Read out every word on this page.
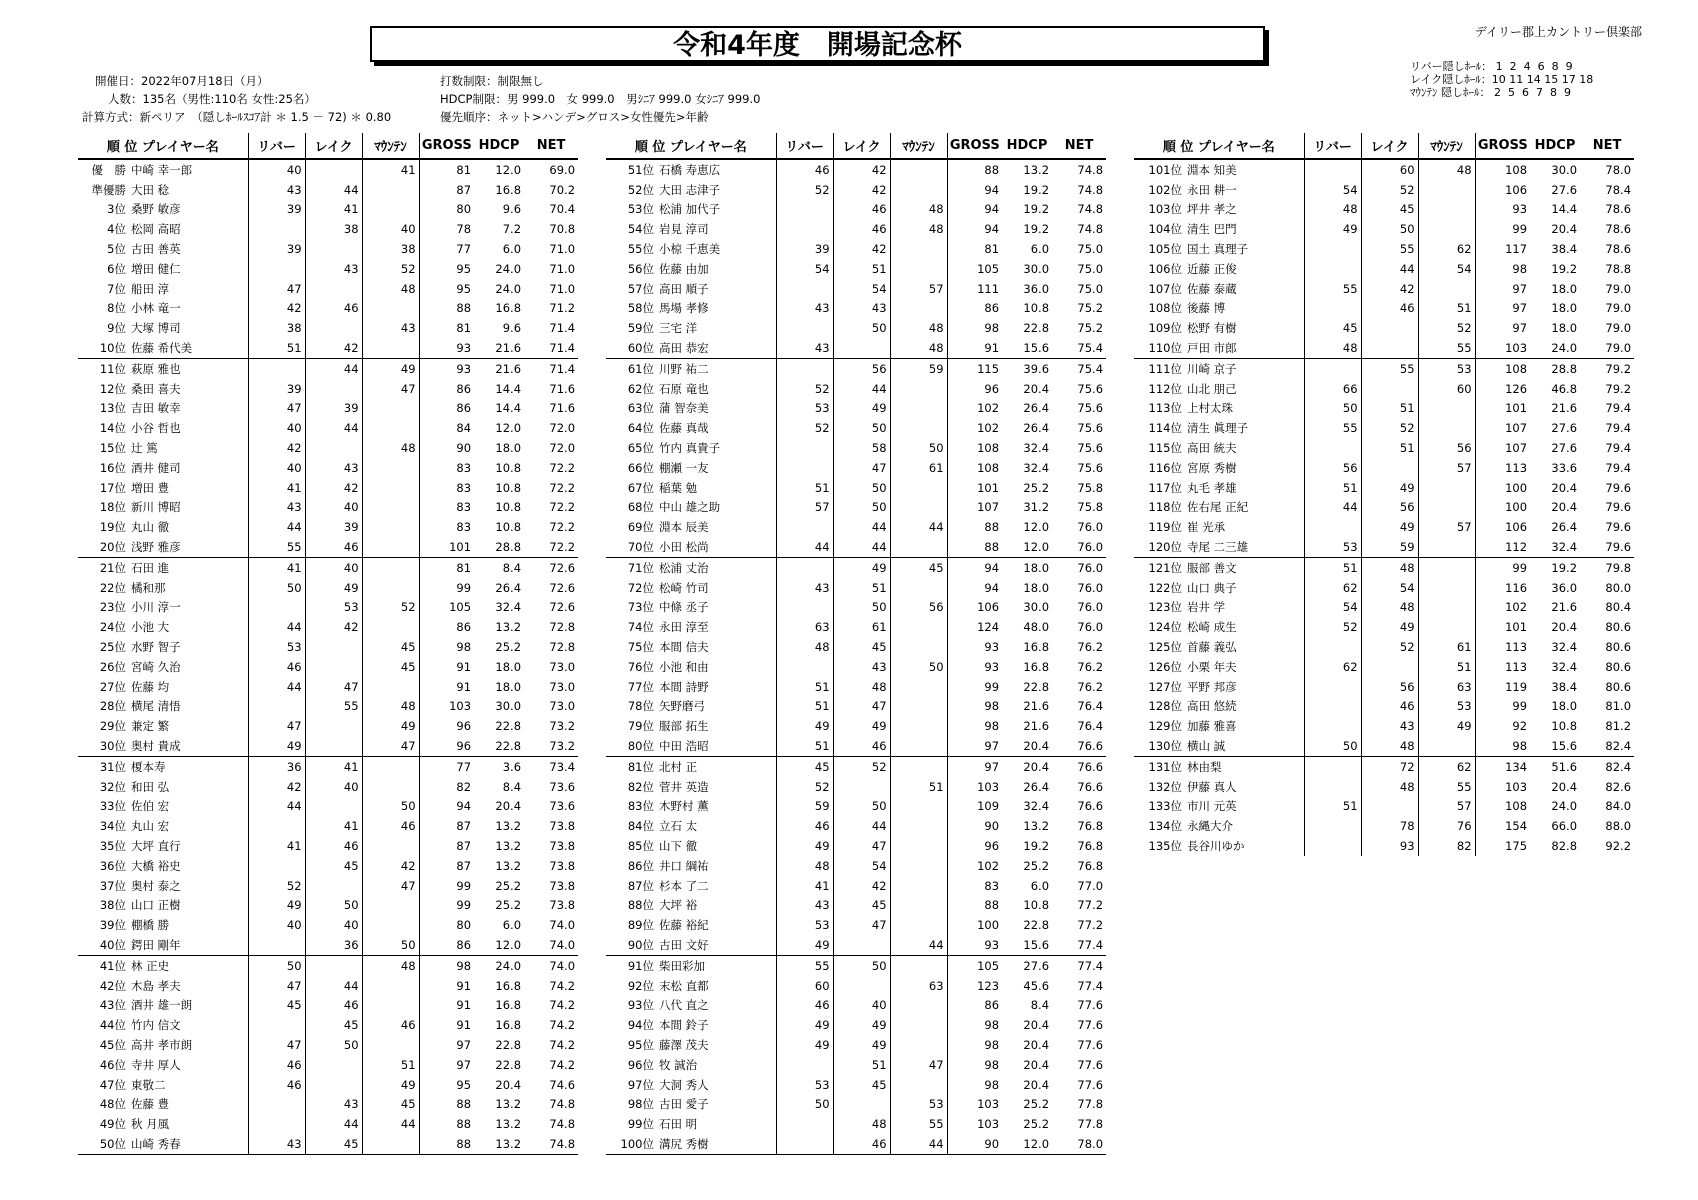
令和4年度　開場記念杯	デイリー郡上カントリー倶楽部
リバー隠しﾎｰﾙ： 1  2  4  6  8  9
レイク隠しﾎｰﾙ：10 11 14 15 17 18
ﾏｳﾝﾃﾝ 隠しﾎｰﾙ： 2  5  6  7  8  9
開催日：2022年07月18日（月）
人数：135名（男性:110名 女性:25名）
計算方式：新ペリア　（隠しﾎｰﾙｽｺｱ計 ＊ 1.5 － 72) ＊ 0.80
打数制限：制限無し
HDCP制限：男 999.0　女 999.0　男ｼﾆｱ 999.0 女ｼﾆｱ 999.0
優先順序：ネット>ハンデ>グロス>女性優先>年齢
順 位 プレイヤー名		リバー	レイク	ﾏｳﾝﾃﾝ	GROSS	HDCP	NET
優　勝	中崎 幸一郎	40		41	81	12.0	69.0
準優勝	大田 稔	43	44		87	16.8	70.2
3位	桑野 敏彦	39	41		80	9.6	70.4
4位	松岡 高昭		38	40	78	7.2	70.8
5位	古田 善英	39		38	77	6.0	71.0
6位	増田 健仁		43	52	95	24.0	71.0
7位	船田 淳	47		48	95	24.0	71.0
8位	小林 竜一	42	46		88	16.8	71.2
9位	大塚 博司	38		43	81	9.6	71.4
10位	佐藤 希代美	51	42		93	21.6	71.4
11位	萩原 雅也		44	49	93	21.6	71.4
12位	桑田 喜夫	39		47	86	14.4	71.6
13位	吉田 敏幸	47	39		86	14.4	71.6
14位	小谷 哲也	40	44		84	12.0	72.0
15位	辻 篤	42		48	90	18.0	72.0
16位	酒井 健司	40	43		83	10.8	72.2
17位	増田 豊	41	42		83	10.8	72.2
18位	新川 博昭	43	40		83	10.8	72.2
19位	丸山 徹	44	39		83	10.8	72.2
20位	浅野 雅彦	55	46		101	28.8	72.2
21位	石田 進	41	40		81	8.4	72.6
22位	橘和那	50	49		99	26.4	72.6
23位	小川 淳一		53	52	105	32.4	72.6
24位	小池 大	44	42		86	13.2	72.8
25位	水野 智子	53		45	98	25.2	72.8
26位	宮崎 久治	46		45	91	18.0	73.0
27位	佐藤 均	44	47		91	18.0	73.0
28位	横尾 清悟		55	48	103	30.0	73.0
29位	兼定 繁	47		49	96	22.8	73.2
30位	奥村 貴成	49		47	96	22.8	73.2
31位	榎本寿	36	41		77	3.6	73.4
32位	和田 弘	42	40		82	8.4	73.6
33位	佐伯 宏	44		50	94	20.4	73.6
34位	丸山 宏		41	46	87	13.2	73.8
35位	大坪 直行	41	46		87	13.2	73.8
36位	大橋 裕史		45	42	87	13.2	73.8
37位	奥村 泰之	52		47	99	25.2	73.8
38位	山口 正樹	49	50		99	25.2	73.8
39位	棚橋 勝	40	40		80	6.0	74.0
40位	鍔田 剛年		36	50	86	12.0	74.0
41位	林 正史	50		48	98	24.0	74.0
42位	木島 孝夫	47	44		91	16.8	74.2
43位	酒井 雄一朗	45	46		91	16.8	74.2
44位	竹内 信文		45	46	91	16.8	74.2
45位	高井 孝市朗	47	50		97	22.8	74.2
46位	寺井 厚人	46		51	97	22.8	74.2
47位	東敬二	46		49	95	20.4	74.6
48位	佐藤 豊		43	45	88	13.2	74.8
49位	秋 月風		44	44	88	13.2	74.8
50位	山崎 秀春	43	45		88	13.2	74.8
順 位 プレイヤー名		リバー	レイク	ﾏｳﾝﾃﾝ	GROSS	HDCP	NET
51位	石橋 寿恵広	46	42		88	13.2	74.8
52位	大田 志津子	52	42		94	19.2	74.8
53位	松浦 加代子		46	48	94	19.2	74.8
54位	岩見 淳司		46	48	94	19.2	74.8
55位	小椋 千恵美	39	42		81	6.0	75.0
56位	佐藤 由加	54	51		105	30.0	75.0
57位	高田 順子		54	57	111	36.0	75.0
58位	馬場 孝修	43	43		86	10.8	75.2
59位	三宅 洋		50	48	98	22.8	75.2
60位	高田 恭宏	43		48	91	15.6	75.4
61位	川野 祐二		56	59	115	39.6	75.4
62位	石原 竜也	52	44		96	20.4	75.6
63位	蒲 智奈美	53	49		102	26.4	75.6
64位	佐藤 真哉	52	50		102	26.4	75.6
65位	竹内 真貴子		58	50	108	32.4	75.6
66位	棚瀬 一友		47	61	108	32.4	75.6
67位	稲葉 勉	51	50		101	25.2	75.8
68位	中山 雄之助	57	50		107	31.2	75.8
69位	淵本 辰美		44	44	88	12.0	76.0
70位	小田 松尚	44	44		88	12.0	76.0
71位	松浦 丈治		49	45	94	18.0	76.0
72位	松崎 竹司	43	51		94	18.0	76.0
73位	中條 丞子		50	56	106	30.0	76.0
74位	永田 淳至	63	61		124	48.0	76.0
75位	本間 信夫	48	45		93	16.8	76.2
76位	小池 和由		43	50	93	16.8	76.2
77位	本間 詩野	51	48		99	22.8	76.2
78位	矢野磨弓	51	47		98	21.6	76.4
79位	服部 拓生	49	49		98	21.6	76.4
80位	中田 浩昭	51	46		97	20.4	76.6
81位	北村 正	45	52		97	20.4	76.6
82位	菅井 英造	52		51	103	26.4	76.6
83位	木野村 薫	59	50		109	32.4	76.6
84位	立石 太	46	44		90	13.2	76.8
85位	山下 徹	49	47		96	19.2	76.8
86位	井口 綱祐	48	54		102	25.2	76.8
87位	杉本 了二	41	42		83	6.0	77.0
88位	大坪 裕	43	45		88	10.8	77.2
89位	佐藤 裕紀	53	47		100	22.8	77.2
90位	古田 文好	49		44	93	15.6	77.4
91位	柴田彩加	55	50		105	27.6	77.4
92位	末松 直都	60		63	123	45.6	77.4
93位	八代 直之	46	40		86	8.4	77.6
94位	本間 鈴子	49	49		98	20.4	77.6
95位	藤澤 茂夫	49	49		98	20.4	77.6
96位	牧 誠治		51	47	98	20.4	77.6
97位	大洞 秀人	53	45		98	20.4	77.6
98位	古田 愛子	50		53	103	25.2	77.8
99位	石田 明		48	55	103	25.2	77.8
100位	溝尻 秀樹		46	44	90	12.0	78.0
順 位 プレイヤー名		リバー	レイク	ﾏｳﾝﾃﾝ	GROSS	HDCP	NET
101位	淵本 知美		60	48	108	30.0	78.0
102位	永田 耕一	54	52		106	27.6	78.4
103位	坪井 孝之	48	45		93	14.4	78.6
104位	清生 巴門	49	50		99	20.4	78.6
105位	国土 真理子		55	62	117	38.4	78.6
106位	近藤 正俊		44	54	98	19.2	78.8
107位	佐藤 泰蔵	55	42		97	18.0	79.0
108位	後藤 博		46	51	97	18.0	79.0
109位	松野 有樹	45		52	97	18.0	79.0
110位	戸田 市郎	48		55	103	24.0	79.0
111位	川崎 京子		55	53	108	28.8	79.2
112位	山北 朋己	66		60	126	46.8	79.2
113位	上村太珠	50	51		101	21.6	79.4
114位	清生 眞理子	55	52		107	27.6	79.4
115位	高田 統夫		51	56	107	27.6	79.4
116位	宮原 秀樹	56		57	113	33.6	79.4
117位	丸毛 孝雄	51	49		100	20.4	79.6
118位	佐右尾 正紀	44	56		100	20.4	79.6
119位	崔 光承		49	57	106	26.4	79.6
120位	寺尾 二三雄	53	59		112	32.4	79.6
121位	服部 善文	51	48		99	19.2	79.8
122位	山口 典子	62	54		116	36.0	80.0
123位	岩井 学	54	48		102	21.6	80.4
124位	松崎 成生	52	49		101	20.4	80.6
125位	首藤 義弘		52	61	113	32.4	80.6
126位	小栗 年夫	62		51	113	32.4	80.6
127位	平野 邦彦		56	63	119	38.4	80.6
128位	高田 悠続		46	53	99	18.0	81.0
129位	加藤 雅喜		43	49	92	10.8	81.2
130位	横山 誠	50	48		98	15.6	82.4
131位	林由梨		72	62	134	51.6	82.4
132位	伊藤 真人		48	55	103	20.4	82.6
133位	市川 元英	51		57	108	24.0	84.0
134位	永縄大介		78	76	154	66.0	88.0
135位	長谷川ゆか		93	82	175	82.8	92.2
